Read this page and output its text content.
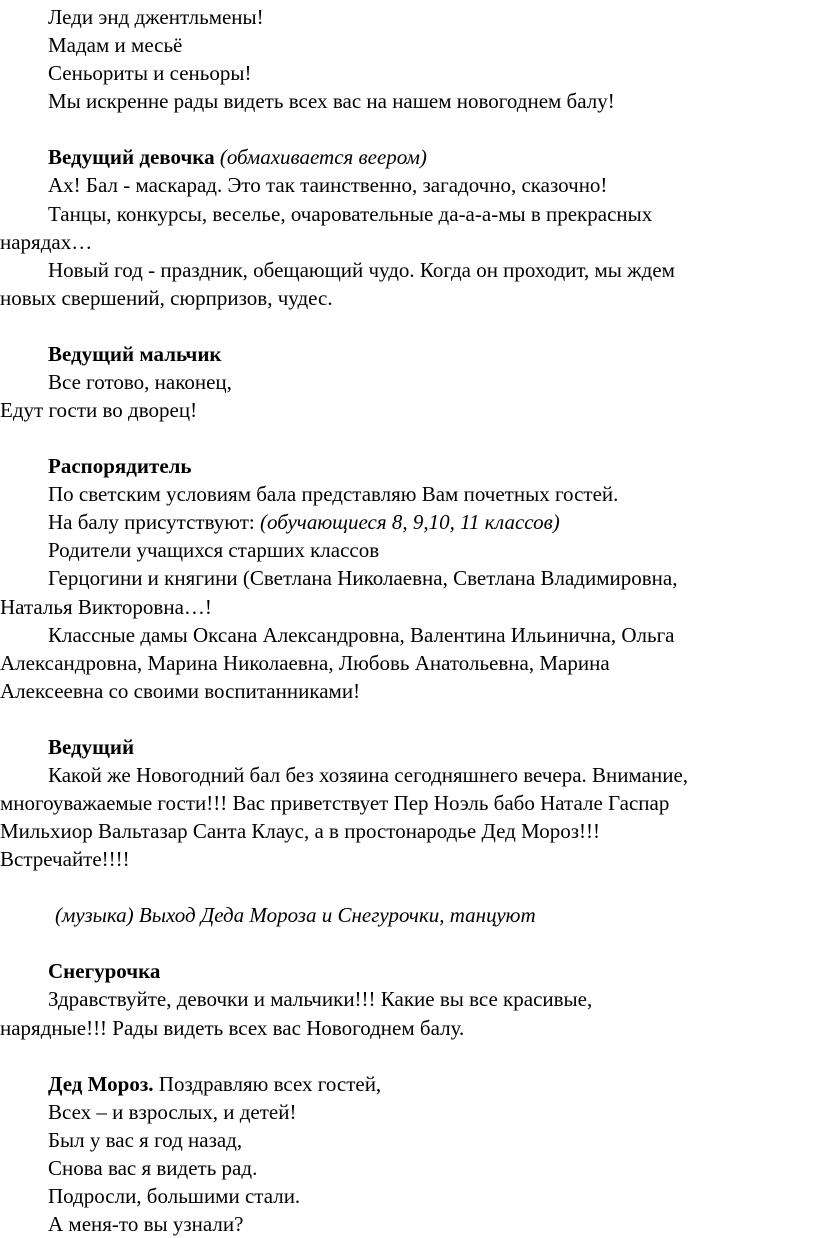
Леди энд джентльмены!
Мадам и месьё
Сеньориты и сеньоры!
Мы искренне рады видеть всех вас на нашем новогоднем балу!
Ведущий девочка (обмахивается веером)
Ах! Бал - маскарад. Это так таинственно, загадочно, сказочно!
Танцы, конкурсы, веселье, очаровательные да-а-а-мы в прекрасных
нарядах…
Новый год - праздник, обещающий чудо. Когда он проходит, мы ждем
новых свершений, сюрпризов, чудес.
Ведущий мальчик
Все готово, наконец,
Едут гости во дворец!
Распорядитель
По светским условиям бала представляю Вам почетных гостей.
На балу присутствуют: (обучающиеся 8, 9,10, 11 классов)
Родители учащихся старших классов
Герцогини и княгини (Светлана Николаевна, Светлана Владимировна,
Наталья Викторовна…!
Классные дамы Оксана Александровна, Валентина Ильинична, Ольга
Александровна, Марина Николаевна, Любовь Анатольевна, Марина
Алексеевна со своими воспитанниками!
Ведущий
Какой же Новогодний бал без хозяина сегодняшнего вечера. Внимание,
многоуважаемые гости!!! Вас приветствует Пер Ноэль бабо Натале Гаспар
Мильхиор Вальтазар Санта Клаус, а в простонародье Дед Мороз!!!
Встречайте!!!!
(музыка) Выход Деда Мороза и Снегурочки, танцуют
Снегурочка
Здравствуйте, девочки и мальчики!!! Какие вы все красивые,
нарядные!!! Рады видеть всех вас Новогоднем балу.
Дед Мороз. Поздравляю всех гостей,
Всех – и взрослых, и детей!
Был у вас я год назад,
Снова вас я видеть рад.
Подросли, большими стали.
А меня-то вы узнали?
